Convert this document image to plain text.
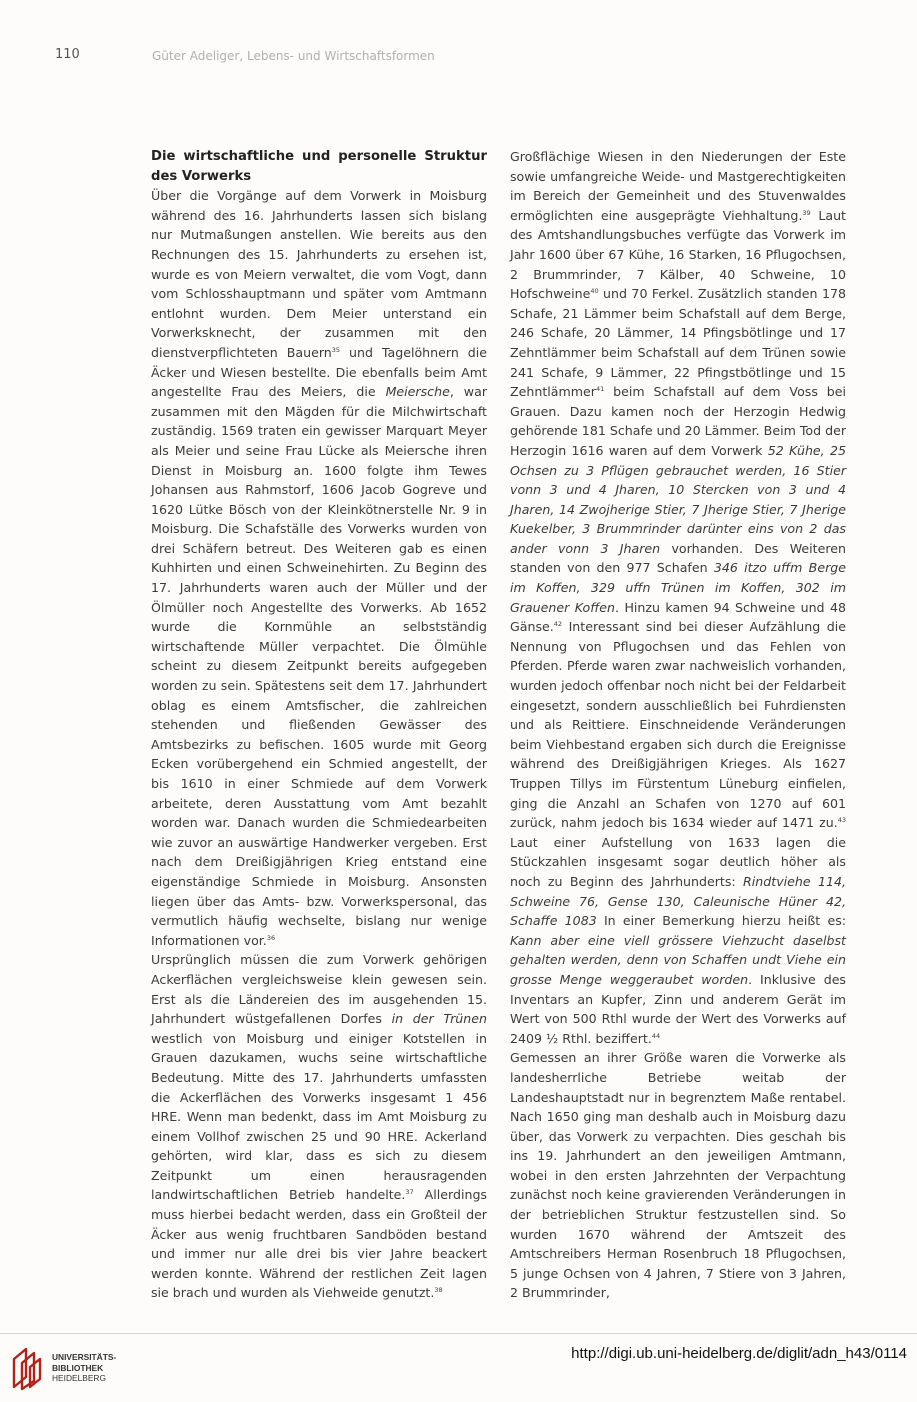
110	Güter Adeliger, Lebens- und Wirtschaftsformen
Die wirtschaftliche und personelle Struktur des Vorwerks

Über die Vorgänge auf dem Vorwerk in Moisburg während des 16. Jahrhunderts lassen sich bislang nur Mutmaßungen anstellen. Wie bereits aus den Rechnungen des 15. Jahrhunderts zu ersehen ist, wurde es von Meiern verwaltet, die vom Vogt, dann vom Schlosshauptmann und später vom Amtmann entlohnt wurden. Dem Meier unterstand ein Vorwerksknecht, der zusammen mit den dienstverpflichteten Bauern$^{35}$ und Tagelöhnern die Äcker und Wiesen bestellte. Die ebenfalls beim Amt angestellte Frau des Meiers, die Meiersche, war zusammen mit den Mägden für die Milchwirtschaft zuständig. 1569 traten ein gewisser Marquart Meyer als Meier und seine Frau Lücke als Meiersche ihren Dienst in Moisburg an. 1600 folgte ihm Tewes Johansen aus Rahmstorf, 1606 Jacob Gogreve und 1620 Lütke Bösch von der Kleinkötnerstelle Nr. 9 in Moisburg. Die Schafställe des Vorwerks wurden von drei Schäfern betreut. Des Weiteren gab es einen Kuhhirten und einen Schweinehirten. Zu Beginn des 17. Jahrhunderts waren auch der Müller und der Ölmüller noch Angestellte des Vorwerks. Ab 1652 wurde die Kornmühle an selbstständig wirtschaftende Müller verpachtet. Die Ölmühle scheint zu diesem Zeitpunkt bereits aufgegeben worden zu sein. Spätestens seit dem 17. Jahrhundert oblag es einem Amtsfischer, die zahlreichen stehenden und fließenden Gewässer des Amtsbezirks zu befischen. 1605 wurde mit Georg Ecken vorübergehend ein Schmied angestellt, der bis 1610 in einer Schmiede auf dem Vorwerk arbeitete, deren Ausstattung vom Amt bezahlt worden war. Danach wurden die Schmiedearbeiten wie zuvor an auswärtige Handwerker vergeben. Erst nach dem Dreißigjährigen Krieg entstand eine eigenständige Schmiede in Moisburg. Ansonsten liegen über das Amts- bzw. Vorwerkspersonal, das vermutlich häufig wechselte, bislang nur wenige Informationen vor.$^{36}$

Ursprünglich müssen die zum Vorwerk gehörigen Ackerflächen vergleichsweise klein gewesen sein. Erst als die Ländereien des im ausgehenden 15. Jahrhundert wüstgefallenen Dorfes in der Trünen westlich von Moisburg und einiger Kotstellen in Grauen dazukamen, wuchs seine wirtschaftliche Bedeutung. Mitte des 17. Jahrhunderts umfassten die Ackerflächen des Vorwerks insgesamt 1 456 HRE. Wenn man bedenkt, dass im Amt Moisburg zu einem Vollhof zwischen 25 und 90 HRE. Ackerland gehörten, wird klar, dass es sich zu diesem Zeitpunkt um einen herausragenden landwirtschaftlichen Betrieb handelte.$^{37}$ Allerdings muss hierbei bedacht werden, dass ein Großteil der Äcker aus wenig fruchtbaren Sandböden bestand und immer nur alle drei bis vier Jahre beackert werden konnte. Während der restlichen Zeit lagen sie brach und wurden als Viehweide genutzt.$^{38}$

Großflächige Wiesen in den Niederungen der Este sowie umfangreiche Weide- und Mastgerechtigkeiten im Bereich der Gemeinheit und des Stuvenwaldes ermöglichten eine ausgeprägte Viehhaltung.$^{39}$ Laut des Amtshandlungsbuches verfügte das Vorwerk im Jahr 1600 über 67 Kühe, 16 Starken, 16 Pflugochsen, 2 Brummrinder, 7 Kälber, 40 Schweine, 10 Hofschweine$^{40}$ und 70 Ferkel. Zusätzlich standen 178 Schafe, 21 Lämmer beim Schafstall auf dem Berge, 246 Schafe, 20 Lämmer, 14 Pfingsbötlinge und 17 Zehntlämmer beim Schafstall auf dem Trünen sowie 241 Schafe, 9 Lämmer, 22 Pfingstbötlinge und 15 Zehntlämmer$^{41}$ beim Schafstall auf dem Voss bei Grauen. Dazu kamen noch der Herzogin Hedwig gehörende 181 Schafe und 20 Lämmer. Beim Tod der Herzogin 1616 waren auf dem Vorwerk 52 Kühe, 25 Ochsen zu 3 Pflügen gebrauchet werden, 16 Stier vonn 3 und 4 Jharen, 10 Stercken von 3 und 4 Jharen, 14 Zwojherige Stier, 7 Jherige Stier, 7 Jherige Kuekelber, 3 Brummrinder darünter eins von 2 das ander vonn 3 Jharen vorhanden. Des Weiteren standen von den 977 Schafen 346 itzo uffm Berge im Koffen, 329 uffn Trünen im Koffen, 302 im Grauener Koffen. Hinzu kamen 94 Schweine und 48 Gänse.$^{42}$ Interessant sind bei dieser Aufzählung die Nennung von Pflugochsen und das Fehlen von Pferden. Pferde waren zwar nachweislich vorhanden, wurden jedoch offenbar noch nicht bei der Feldarbeit eingesetzt, sondern ausschließlich bei Fuhrdiensten und als Reittiere. Einschneidende Veränderungen beim Viehbestand ergaben sich durch die Ereignisse während des Dreißigjährigen Krieges. Als 1627 Truppen Tillys im Fürstentum Lüneburg einfielen, ging die Anzahl an Schafen von 1270 auf 601 zurück, nahm jedoch bis 1634 wieder auf 1471 zu.$^{43}$ Laut einer Aufstellung von 1633 lagen die Stückzahlen insgesamt sogar deutlich höher als noch zu Beginn des Jahrhunderts: Rindtviehe 114, Schweine 76, Gense 130, Caleunische Hüner 42, Schaffe 1083 In einer Bemerkung hierzu heißt es: Kann aber eine viell grössere Viehzucht daselbst gehalten werden, denn von Schaffen undt Viehe ein grosse Menge weggeraubet worden. Inklusive des Inventars an Kupfer, Zinn und anderem Gerät im Wert von 500 Rthl wurde der Wert des Vorwerks auf 2409 ½ Rthl. beziffert.$^{44}$

Gemessen an ihrer Größe waren die Vorwerke als landesherrliche Betriebe weitab der Landeshauptstadt nur in begrenztem Maße rentabel. Nach 1650 ging man deshalb auch in Moisburg dazu über, das Vorwerk zu verpachten. Dies geschah bis ins 19. Jahrhundert an den jeweiligen Amtmann, wobei in den ersten Jahrzehnten der Verpachtung zunächst noch keine gravierenden Veränderungen in der betrieblichen Struktur festzustellen sind. So wurden 1670 während der Amtszeit des Amtschreibers Herman Rosenbruch 18 Pflugochsen, 5 junge Ochsen von 4 Jahren, 7 Stiere von 3 Jahren, 2 Brummrinder,

UNIVERSITÄTS-
BIBLIOTHEK
HEIDELBERG
http://digi.ub.uni-heidelberg.de/diglit/adn_h43/0114
